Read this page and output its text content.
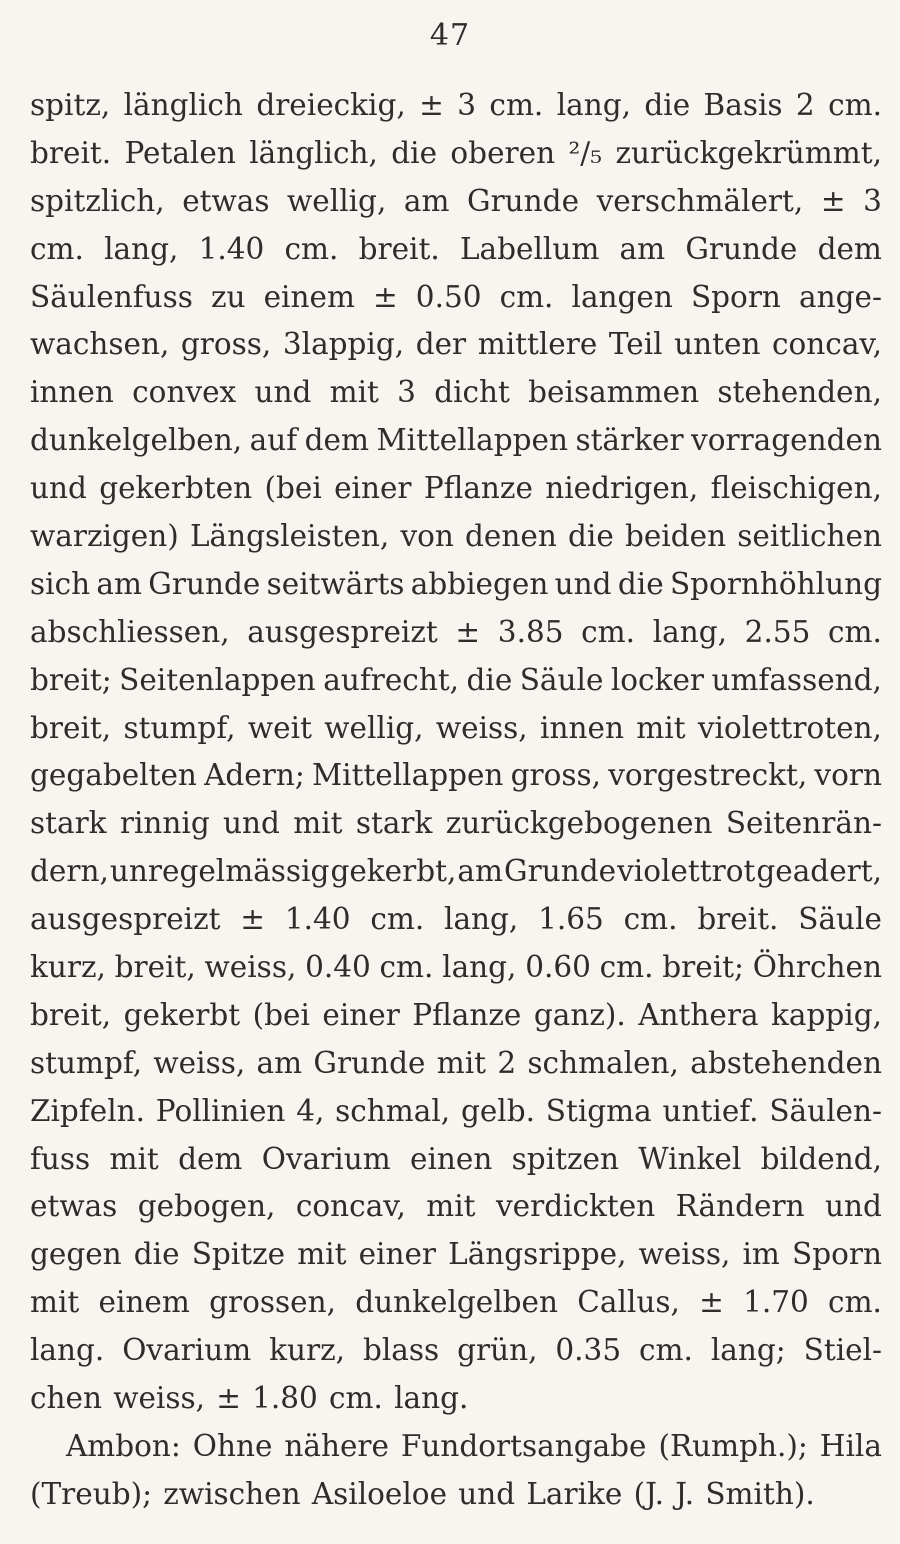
47
spitz, länglich dreieckig, ± 3 cm. lang, die Basis 2 cm.
breit. Petalen länglich, die oberen ²/₅ zurückgekrümmt,
spitzlich, etwas wellig, am Grunde verschmälert, ± 3
cm. lang, 1.40 cm. breit. Labellum am Grunde dem
Säulenfuss zu einem ± 0.50 cm. langen Sporn ange-
wachsen, gross, 3lappig, der mittlere Teil unten concav,
innen convex und mit 3 dicht beisammen stehenden,
dunkelgelben, auf dem Mittellappen stärker vorragenden
und gekerbten (bei einer Pflanze niedrigen, fleischigen,
warzigen) Längsleisten, von denen die beiden seitlichen
sich am Grunde seitwärts abbiegen und die Spornhöhlung
abschliessen, ausgespreizt ± 3.85 cm. lang, 2.55 cm.
breit; Seitenlappen aufrecht, die Säule locker umfassend,
breit, stumpf, weit wellig, weiss, innen mit violettroten,
gegabelten Adern; Mittellappen gross, vorgestreckt, vorn
stark rinnig und mit stark zurückgebogenen Seitenrän-
dern, unregelmässig gekerbt, am Grunde violettrot geadert,
ausgespreizt ± 1.40 cm. lang, 1.65 cm. breit. Säule
kurz, breit, weiss, 0.40 cm. lang, 0.60 cm. breit; Öhrchen
breit, gekerbt (bei einer Pflanze ganz). Anthera kappig,
stumpf, weiss, am Grunde mit 2 schmalen, abstehenden
Zipfeln. Pollinien 4, schmal, gelb. Stigma untief. Säulen-
fuss mit dem Ovarium einen spitzen Winkel bildend,
etwas gebogen, concav, mit verdickten Rändern und
gegen die Spitze mit einer Längsrippe, weiss, im Sporn
mit einem grossen, dunkelgelben Callus, ± 1.70 cm.
lang. Ovarium kurz, blass grün, 0.35 cm. lang; Stiel-
chen weiss, ± 1.80 cm. lang.
Ambon: Ohne nähere Fundortsangabe (Rumph.); Hila
(Treub); zwischen Asiloeloe und Larike (J. J. Smith).
